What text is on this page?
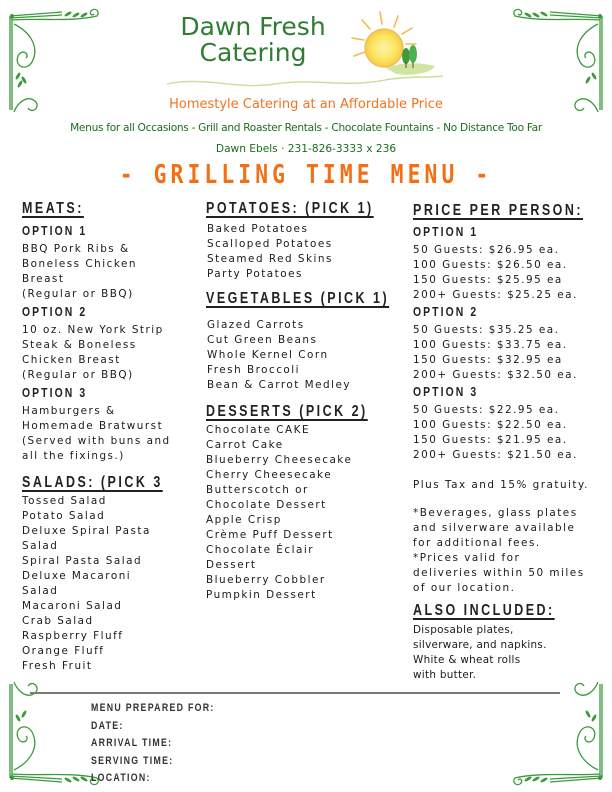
Dawn Fresh
Catering
Homestyle Catering at an Affordable Price
Menus for all Occasions - Grill and Roaster Rentals - Chocolate Fountains - No Distance Too Far
Dawn Ebels · 231-826-3333 x 236
- GRILLING TIME MENU -
MEATS:
OPTION 1
BBQ Pork Ribs &
Boneless Chicken
Breast
(Regular or BBQ)
OPTION 2
10 oz. New York Strip
Steak & Boneless
Chicken Breast
(Regular or BBQ)
OPTION 3
Hamburgers &
Homemade Bratwurst
(Served with buns and
all the fixings.)
SALADS: (PICK 3
Tossed Salad
Potato Salad
Deluxe Spiral Pasta
Salad
Spiral Pasta Salad
Deluxe Macaroni
Salad
Macaroni Salad
Crab Salad
Raspberry Fluff
Orange Fluff
Fresh Fruit
POTATOES: (PICK 1)
Baked Potatoes
Scalloped Potatoes
Steamed Red Skins
Party Potatoes
VEGETABLES (PICK 1)
Glazed Carrots
Cut Green Beans
Whole Kernel Corn
Fresh Broccoli
Bean & Carrot Medley
DESSERTS (PICK 2)
Chocolate CAKE
Carrot Cake
Blueberry Cheesecake
Cherry Cheesecake
Butterscotch or
Chocolate Dessert
Apple Crisp
Crème Puff Dessert
Chocolate Éclair
Dessert
Blueberry Cobbler
Pumpkin Dessert
PRICE PER PERSON:
OPTION 1
50 Guests: $26.95 ea.
100 Guests: $26.50 ea.
150 Guests: $25.95 ea
200+ Guests: $25.25 ea.
OPTION 2
50 Guests: $35.25 ea.
100 Guests: $33.75 ea.
150 Guests: $32.95 ea
200+ Guests: $32.50 ea.
OPTION 3
50 Guests: $22.95 ea.
100 Guests: $22.50 ea.
150 Guests: $21.95 ea.
200+ Guests: $21.50 ea.
Plus Tax and 15% gratuity.
*Beverages, glass plates
and silverware available
for additional fees.
*Prices valid for
deliveries within 50 miles
of our location.
ALSO INCLUDED:
Disposable plates,
silverware, and napkins.
White & wheat rolls
with butter.
MENU PREPARED FOR:
DATE:
ARRIVAL TIME:
SERVING TIME:
LOCATION:
